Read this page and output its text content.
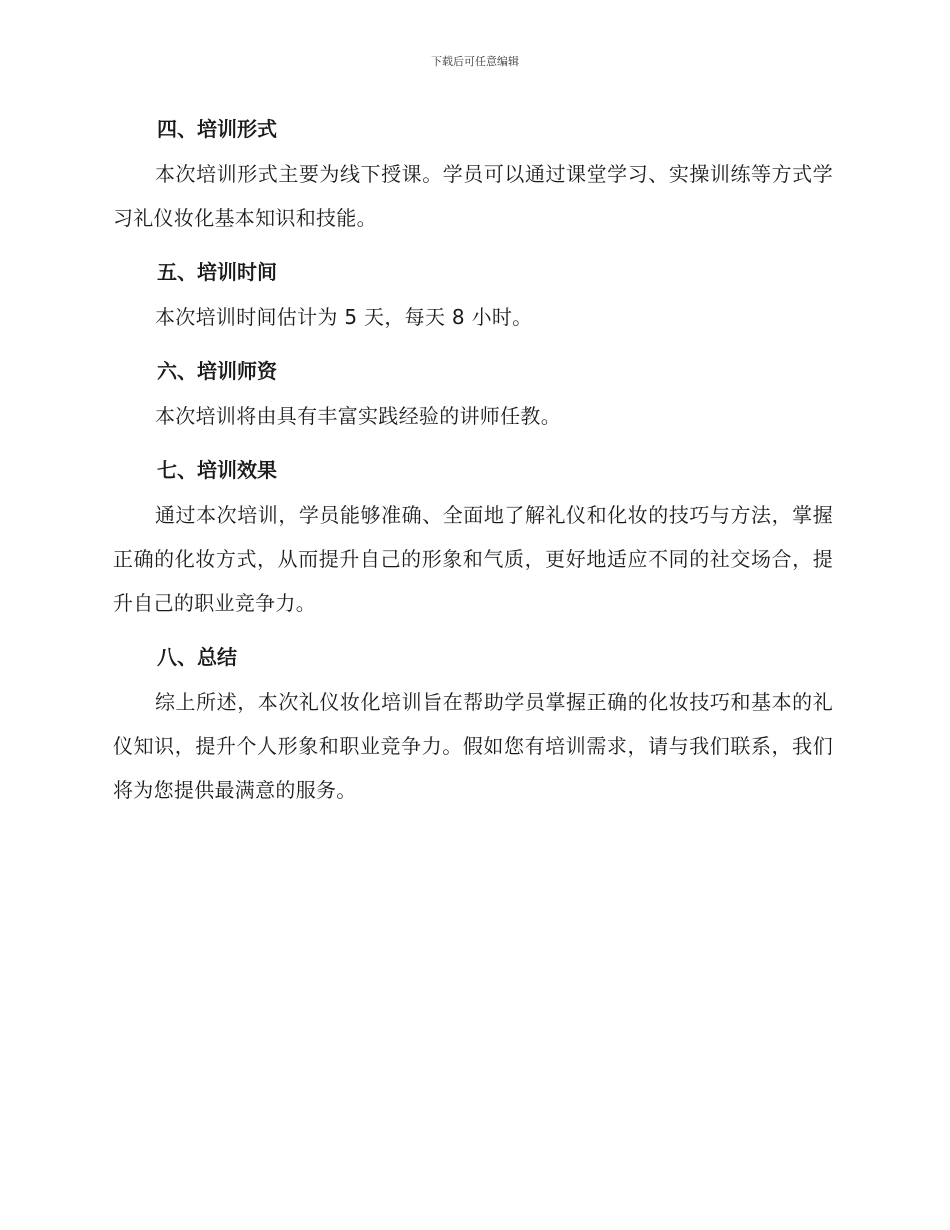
下载后可任意编辑
四、培训形式

本次培训形式主要为线下授课。学员可以通过课堂学习、实操训练等方式学习礼仪妆化基本知识和技能。

五、培训时间

本次培训时间估计为 5 天，每天 8 小时。

六、培训师资

本次培训将由具有丰富实践经验的讲师任教。

七、培训效果

通过本次培训，学员能够准确、全面地了解礼仪和化妆的技巧与方法，掌握正确的化妆方式，从而提升自己的形象和气质，更好地适应不同的社交场合，提升自己的职业竞争力。

八、总结

综上所述，本次礼仪妆化培训旨在帮助学员掌握正确的化妆技巧和基本的礼仪知识，提升个人形象和职业竞争力。假如您有培训需求，请与我们联系，我们将为您提供最满意的服务。
